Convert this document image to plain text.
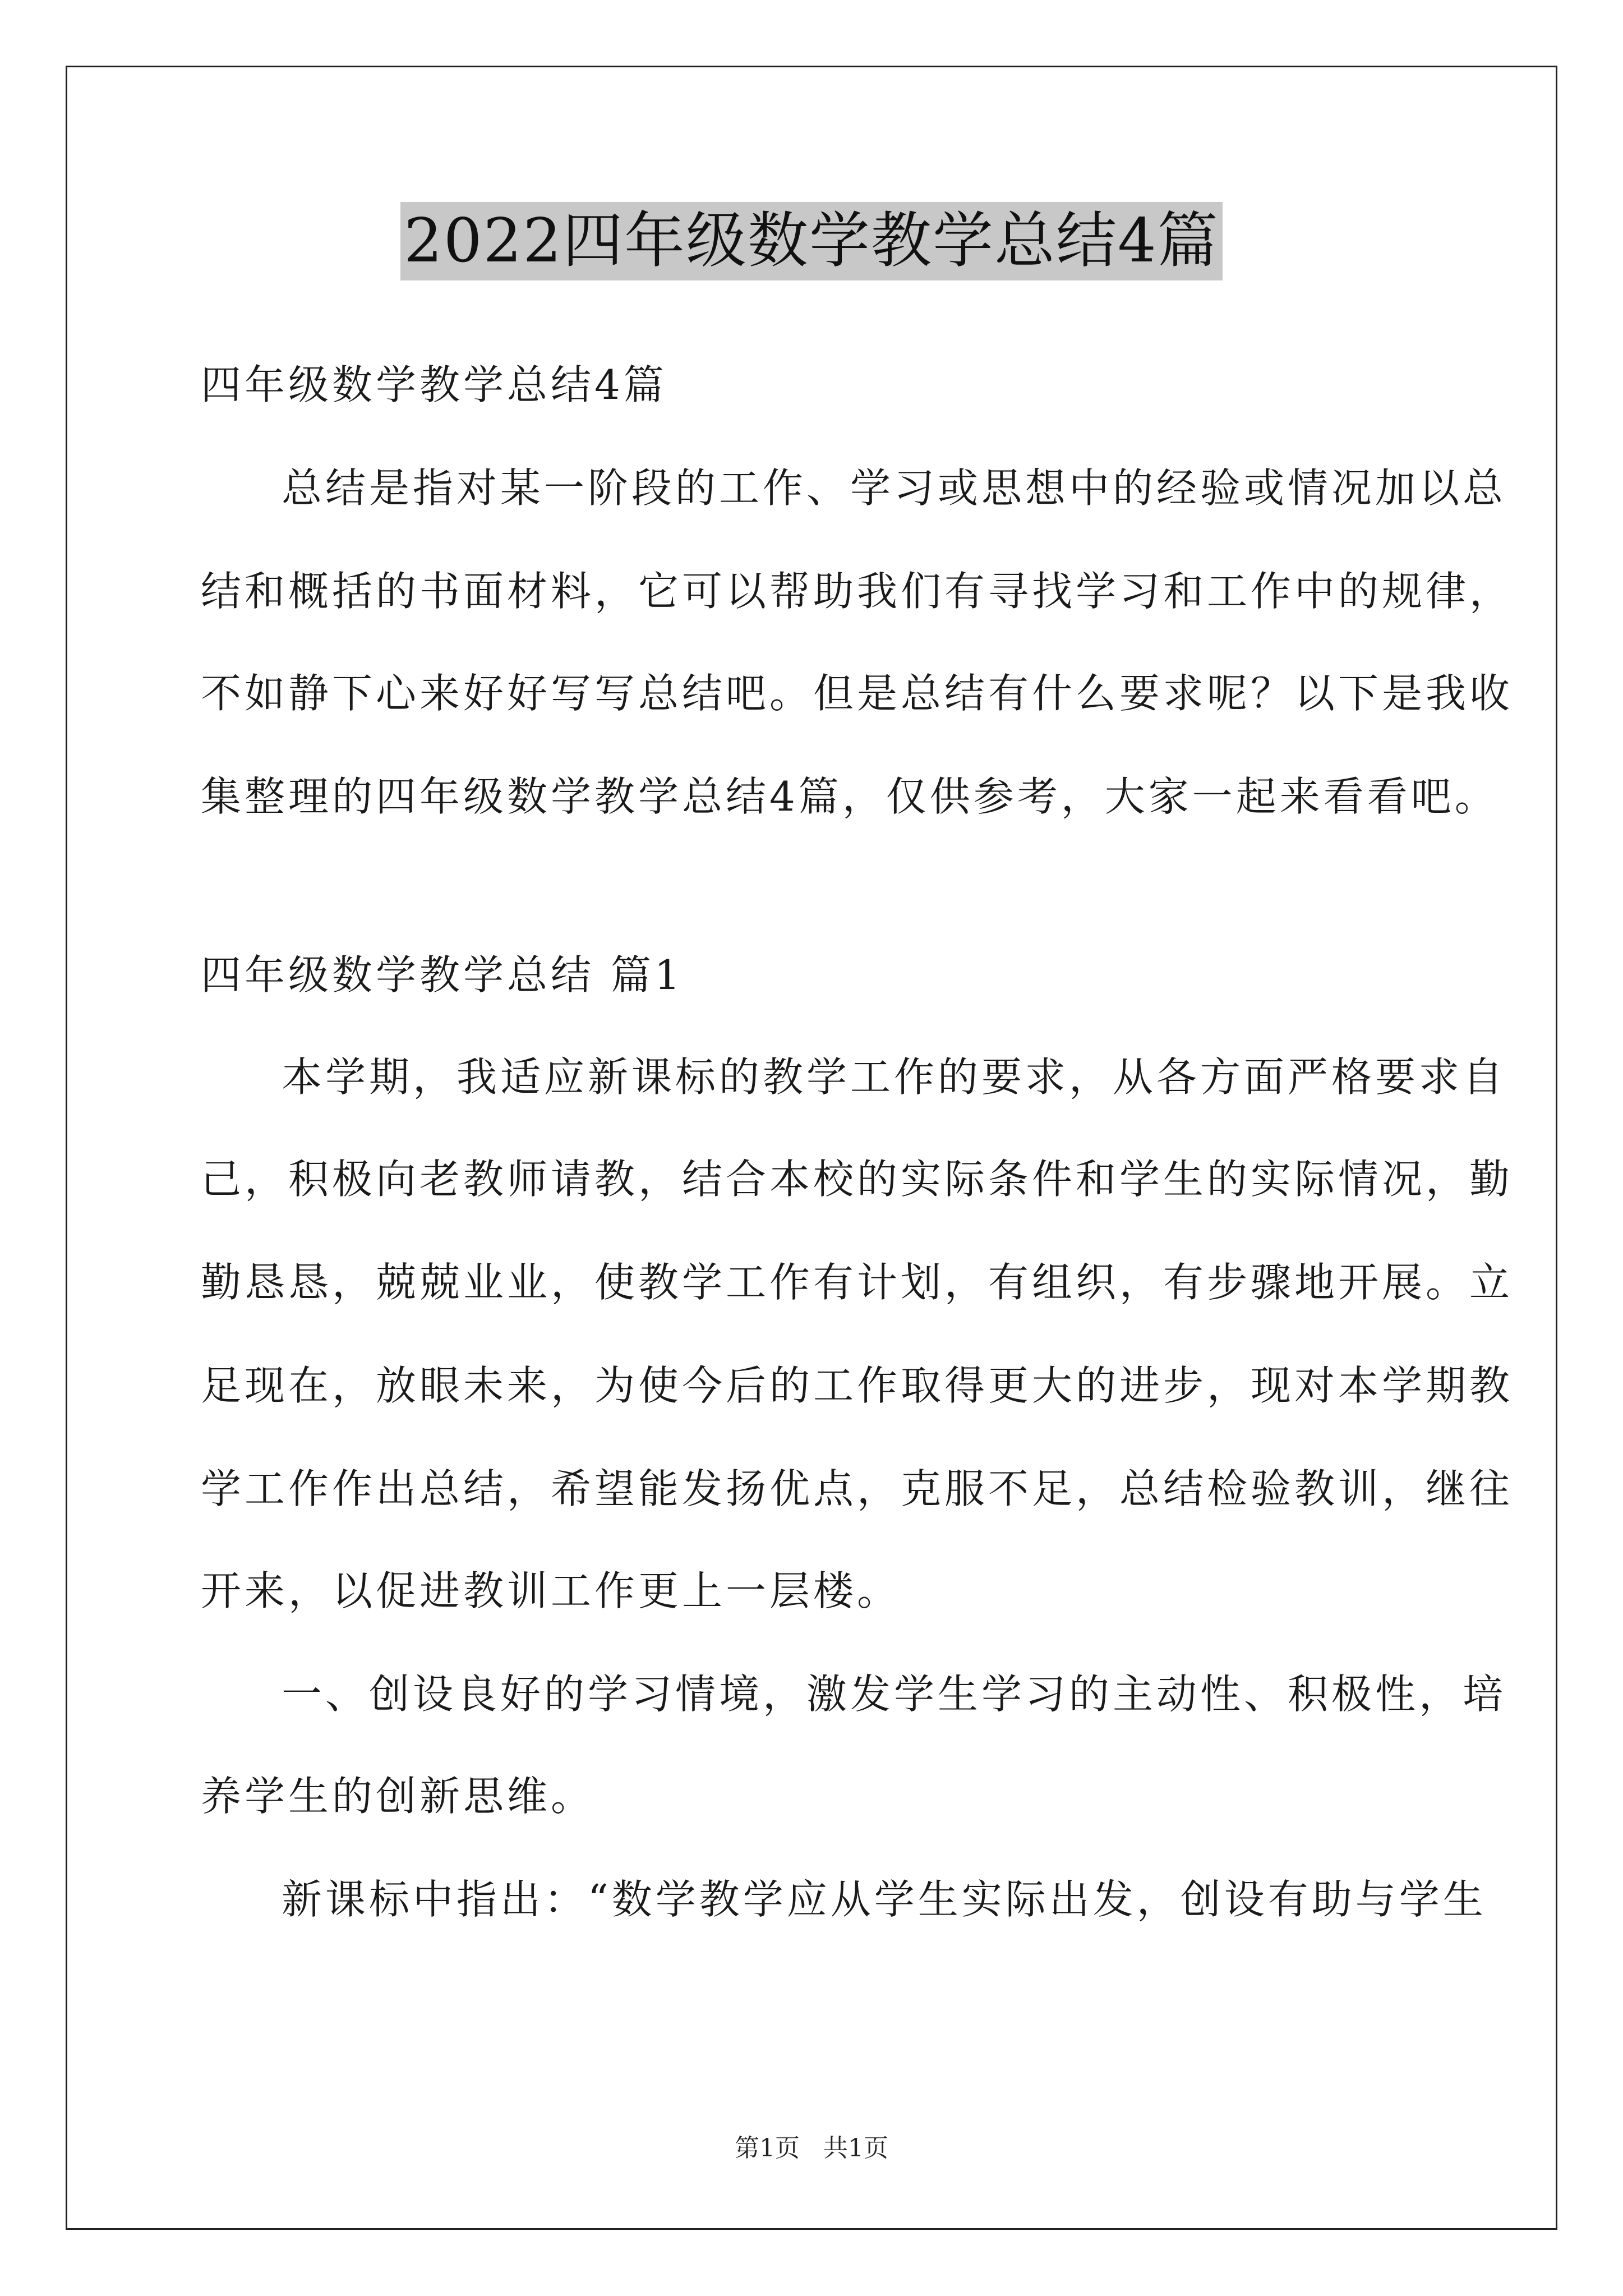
2022四年级数学教学总结4篇
四年级数学教学总结4篇
总结是指对某一阶段的工作、学习或思想中的经验或情况加以总
结和概括的书面材料，它可以帮助我们有寻找学习和工作中的规律，
不如静下心来好好写写总结吧。但是总结有什么要求呢？以下是我收
集整理的四年级数学教学总结4篇，仅供参考，大家一起来看看吧。
四年级数学教学总结 篇1
本学期，我适应新课标的教学工作的要求，从各方面严格要求自
己，积极向老教师请教，结合本校的实际条件和学生的实际情况，勤
勤恳恳，兢兢业业，使教学工作有计划，有组织，有步骤地开展。立
足现在，放眼未来，为使今后的工作取得更大的进步，现对本学期教
学工作作出总结，希望能发扬优点，克服不足，总结检验教训，继往
开来，以促进教训工作更上一层楼。
一、创设良好的学习情境，激发学生学习的主动性、积极性，培
养学生的创新思维。
新课标中指出：“数学教学应从学生实际出发，创设有助与学生
第1页 共1页
